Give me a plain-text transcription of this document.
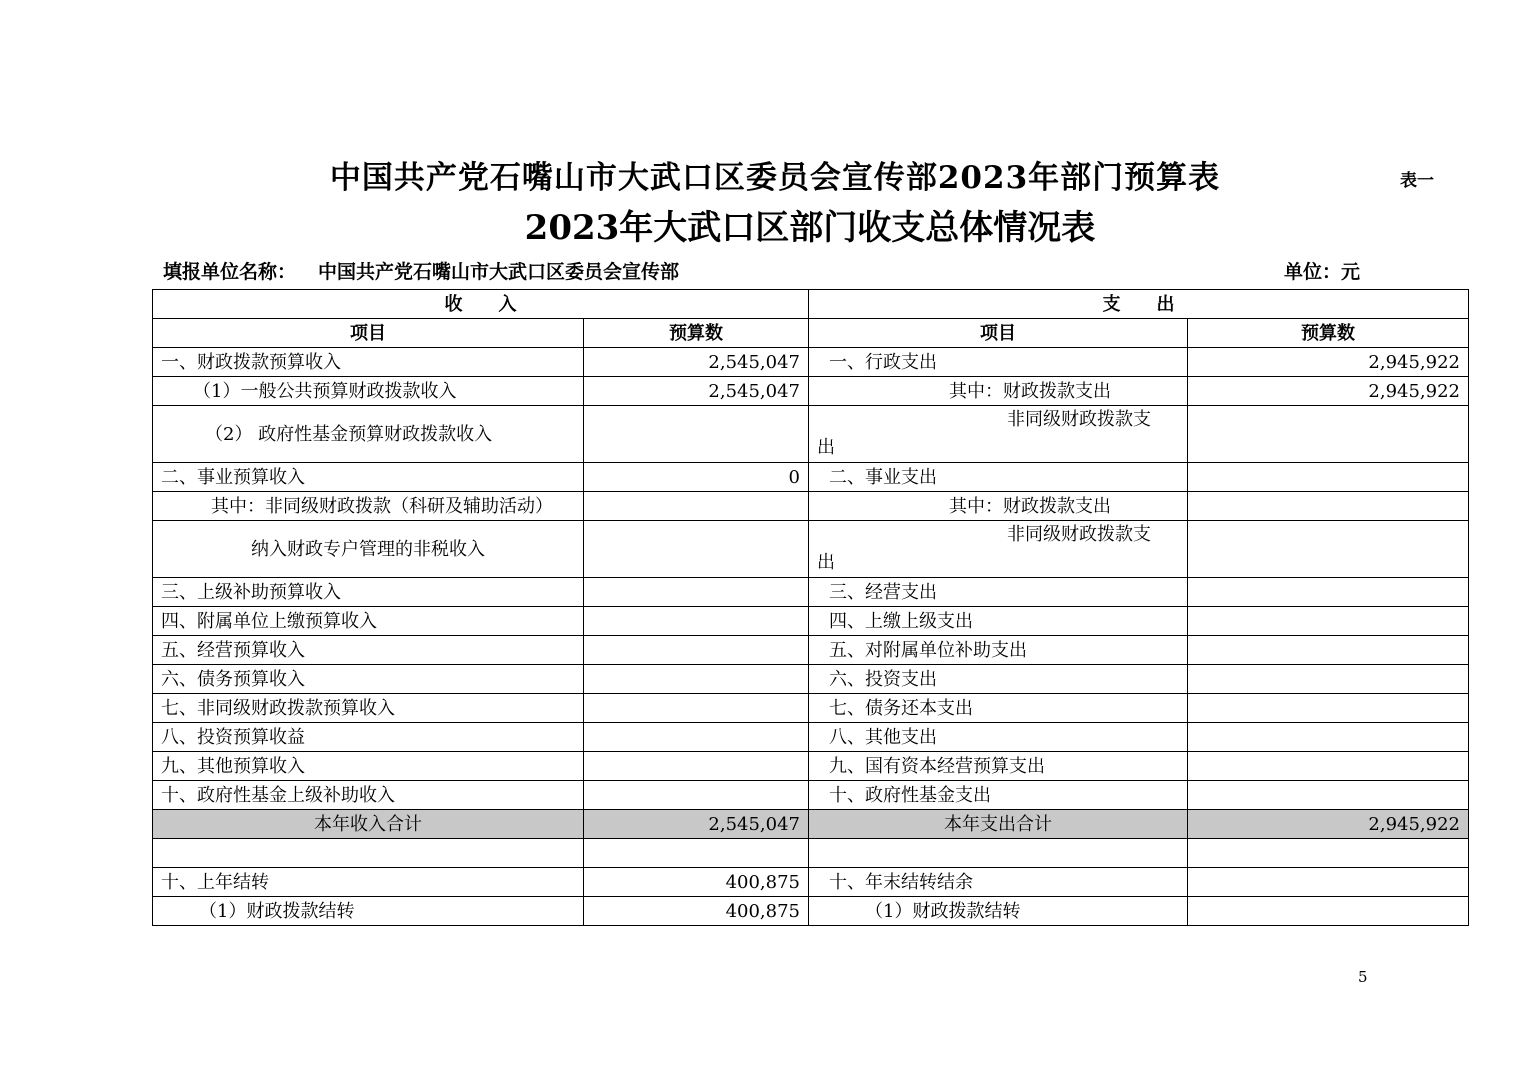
中国共产党石嘴山市大武口区委员会宣传部2023年部门预算表	表一
2023年大武口区部门收支总体情况表
填报单位名称： 中国共产党石嘴山市大武口区委员会宣传部	单位：元
收　　入		支　　出	
项目	预算数	项目	预算数
一、财政拨款预算收入	2,545,047	一、行政支出	2,945,922
（1）一般公共预算财政拨款收入	2,545,047	其中：财政拨款支出	2,945,922
（2） 政府性基金预算财政拨款收入		非同级财政拨款支
出	

二、事业预算收入	0	二、事业支出	
其中：非同级财政拨款（科研及辅助活动）		其中：财政拨款支出	
纳入财政专户管理的非税收入		非同级财政拨款支
出	

三、上级补助预算收入		三、经营支出	
四、附属单位上缴预算收入		四、上缴上级支出	
五、经营预算收入		五、对附属单位补助支出	
六、债务预算收入		六、投资支出	
七、非同级财政拨款预算收入		七、债务还本支出	
八、投资预算收益		八、其他支出	
九、其他预算收入		九、国有资本经营预算支出	
十、政府性基金上级补助收入		十、政府性基金支出	
本年收入合计	2,545,047	本年支出合计	2,945,922

十、上年结转	400,875	十、年末结转结余	
（1）财政拨款结转	400,875	（1）财政拨款结转	
5
